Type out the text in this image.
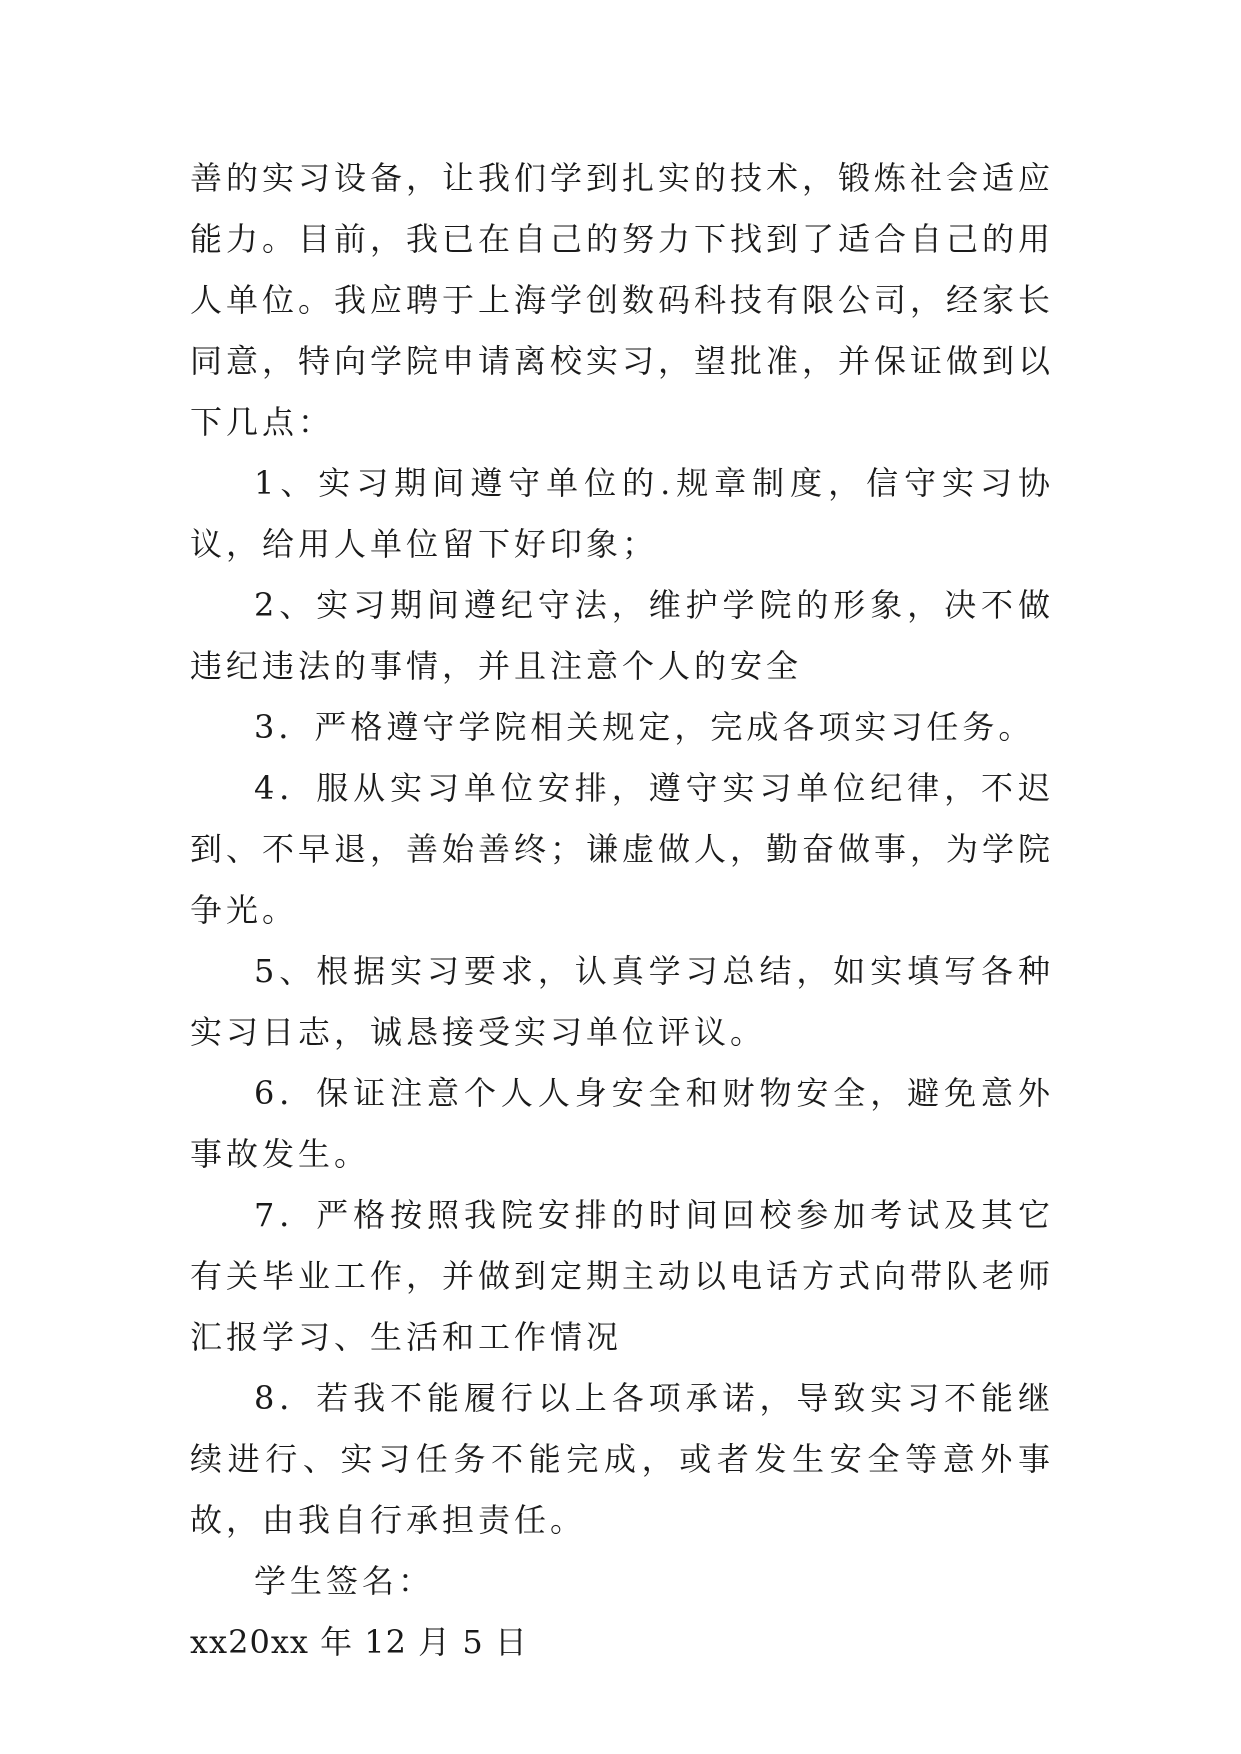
善的实习设备，让我们学到扎实的技术，锻炼社会适应能力。目前，我已在自己的努力下找到了适合自己的用人单位。我应聘于上海学创数码科技有限公司，经家长同意，特向学院申请离校实习，望批准，并保证做到以下几点：

1、实习期间遵守单位的.规章制度，信守实习协议，给用人单位留下好印象；

2、实习期间遵纪守法，维护学院的形象，决不做违纪违法的事情，并且注意个人的安全

3．严格遵守学院相关规定，完成各项实习任务。

4．服从实习单位安排，遵守实习单位纪律，不迟到、不早退，善始善终；谦虚做人，勤奋做事，为学院争光。

5、根据实习要求，认真学习总结，如实填写各种实习日志，诚恳接受实习单位评议。

6．保证注意个人人身安全和财物安全，避免意外事故发生。

7．严格按照我院安排的时间回校参加考试及其它有关毕业工作，并做到定期主动以电话方式向带队老师汇报学习、生活和工作情况

8．若我不能履行以上各项承诺，导致实习不能继续进行、实习任务不能完成，或者发生安全等意外事故，由我自行承担责任。

学生签名：

xx20xx 年 12 月 5 日
